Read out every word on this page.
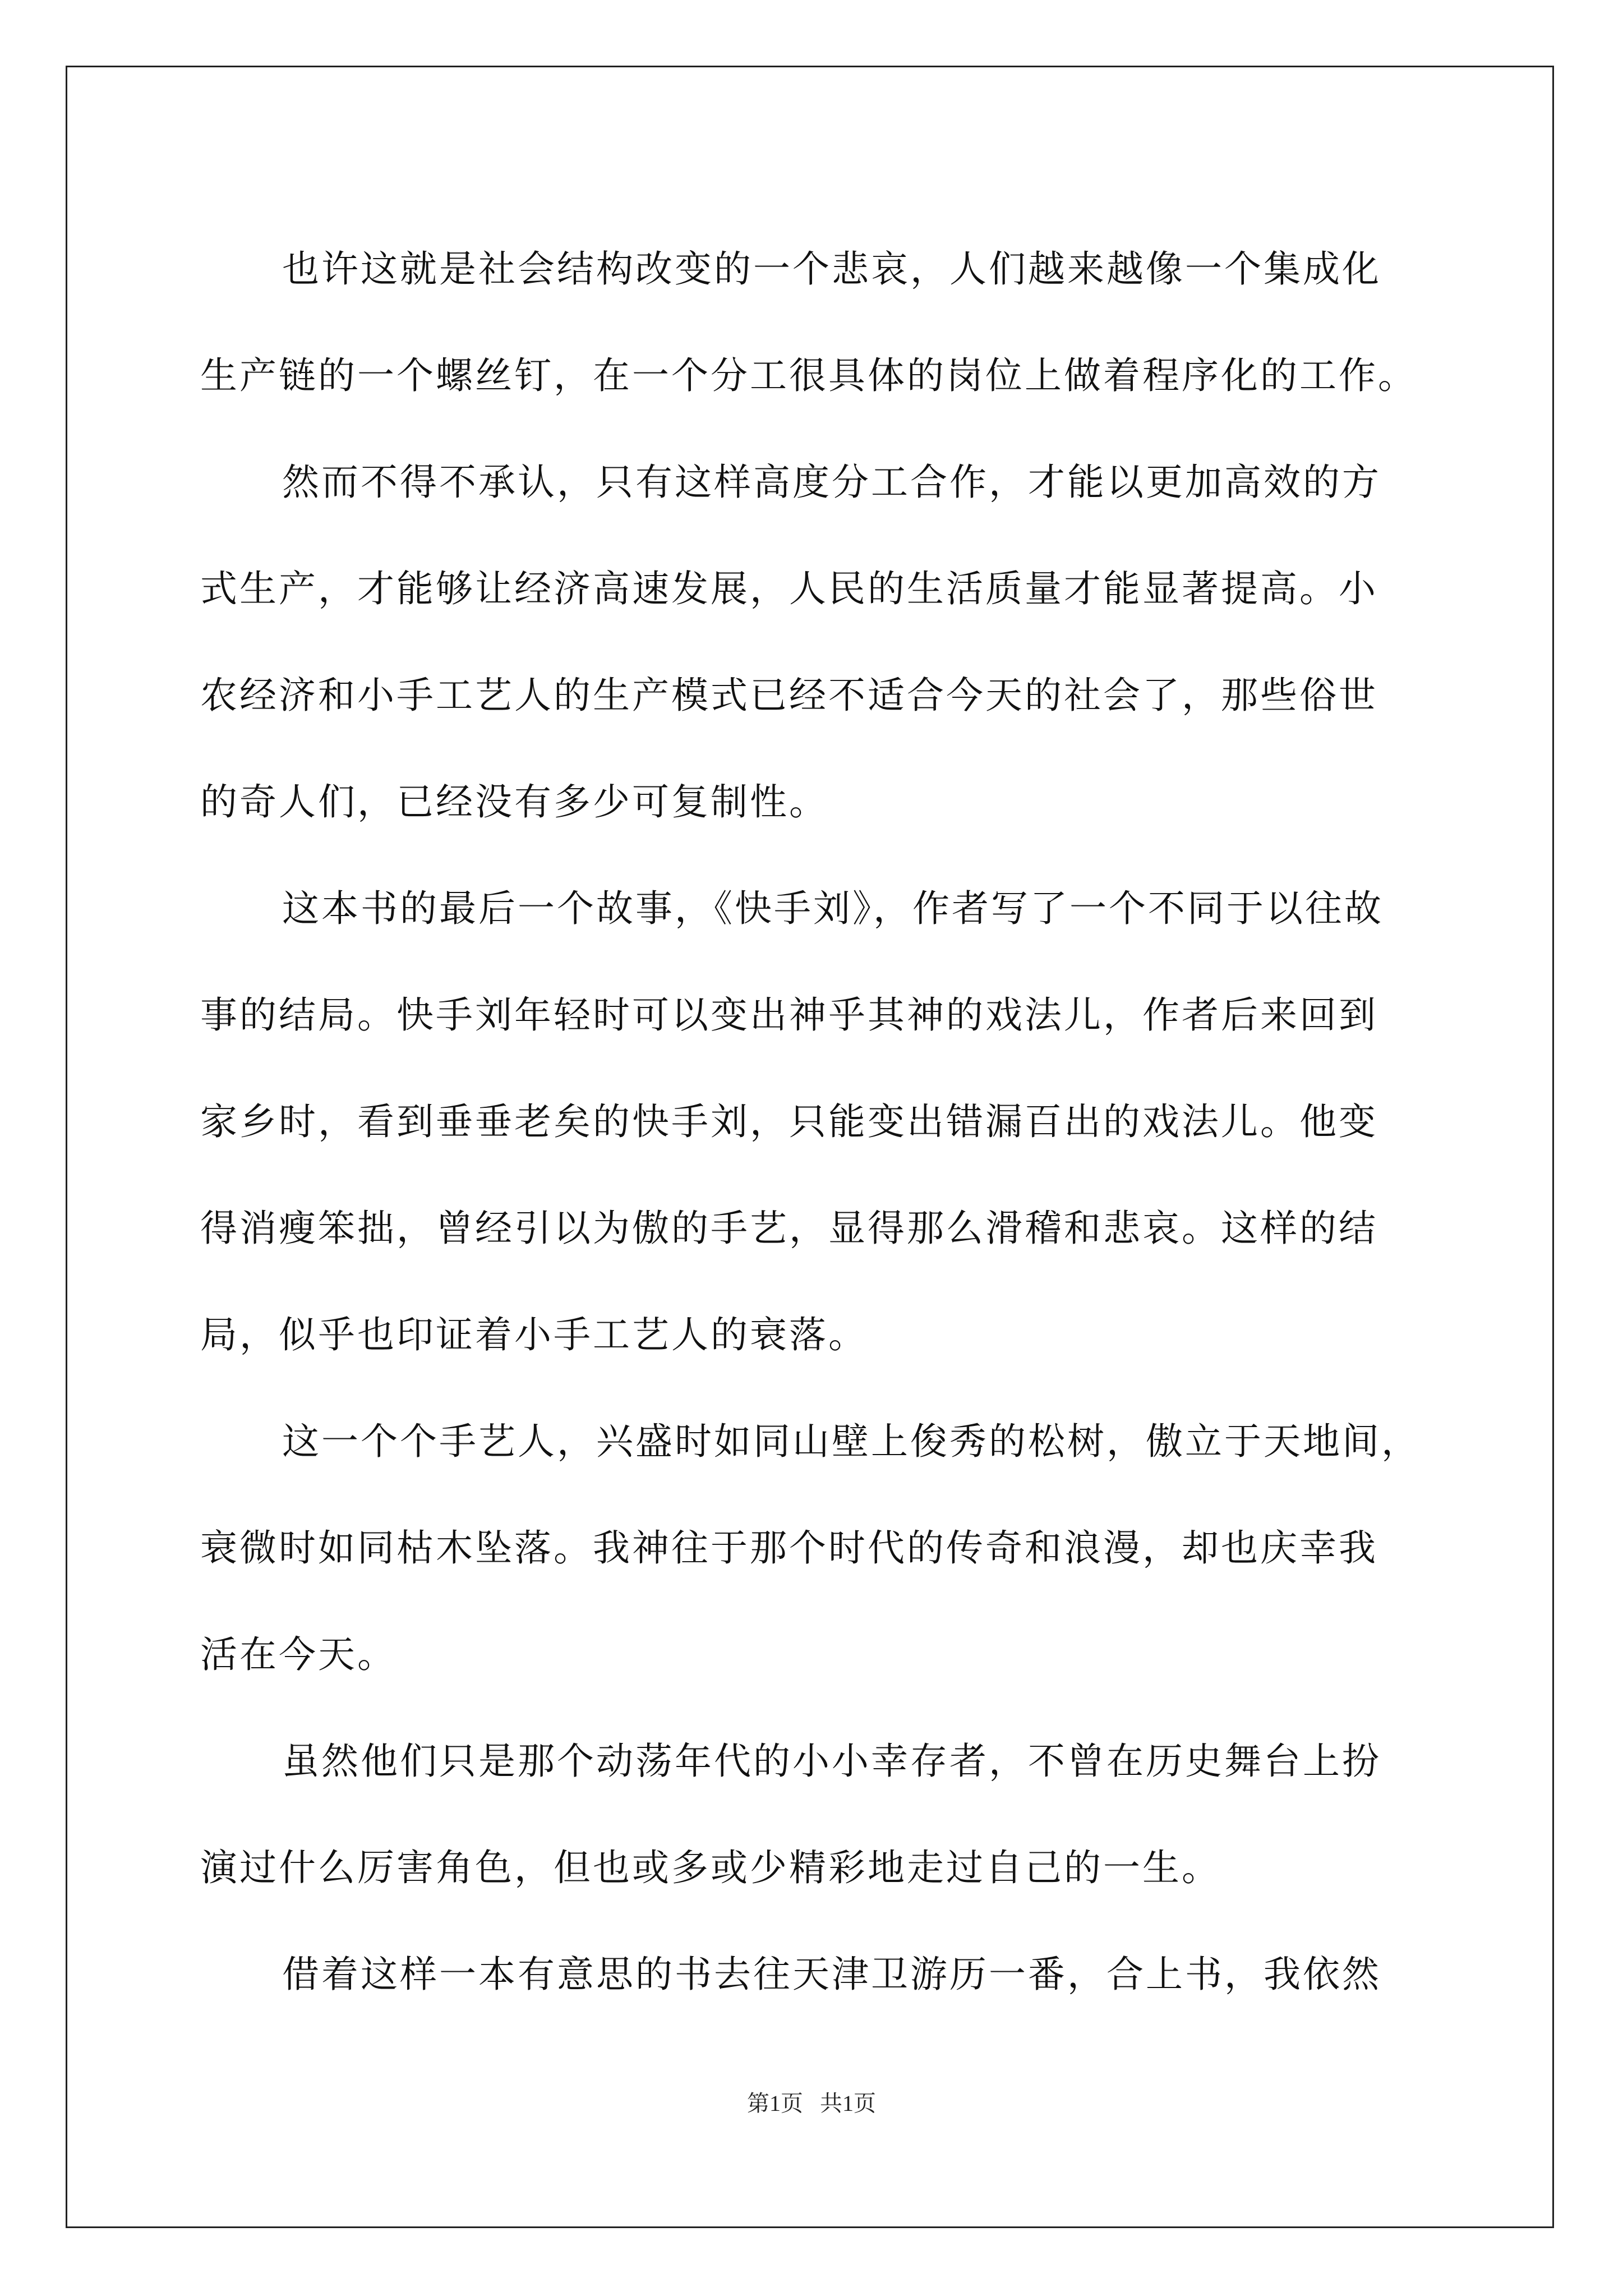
也许这就是社会结构改变的一个悲哀，人们越来越像一个集成化
生产链的一个螺丝钉，在一个分工很具体的岗位上做着程序化的工作。
然而不得不承认，只有这样高度分工合作，才能以更加高效的方
式生产，才能够让经济高速发展，人民的生活质量才能显著提高。小
农经济和小手工艺人的生产模式已经不适合今天的社会了，那些俗世
的奇人们，已经没有多少可复制性。
这本书的最后一个故事，《快手刘》，作者写了一个不同于以往故
事的结局。快手刘年轻时可以变出神乎其神的戏法儿，作者后来回到
家乡时，看到垂垂老矣的快手刘，只能变出错漏百出的戏法儿。他变
得消瘦笨拙，曾经引以为傲的手艺，显得那么滑稽和悲哀。这样的结
局，似乎也印证着小手工艺人的衰落。
这一个个手艺人，兴盛时如同山壁上俊秀的松树，傲立于天地间，
衰微时如同枯木坠落。我神往于那个时代的传奇和浪漫，却也庆幸我
活在今天。
虽然他们只是那个动荡年代的小小幸存者，不曾在历史舞台上扮
演过什么厉害角色，但也或多或少精彩地走过自己的一生。
借着这样一本有意思的书去往天津卫游历一番，合上书，我依然
第1页   共1页
